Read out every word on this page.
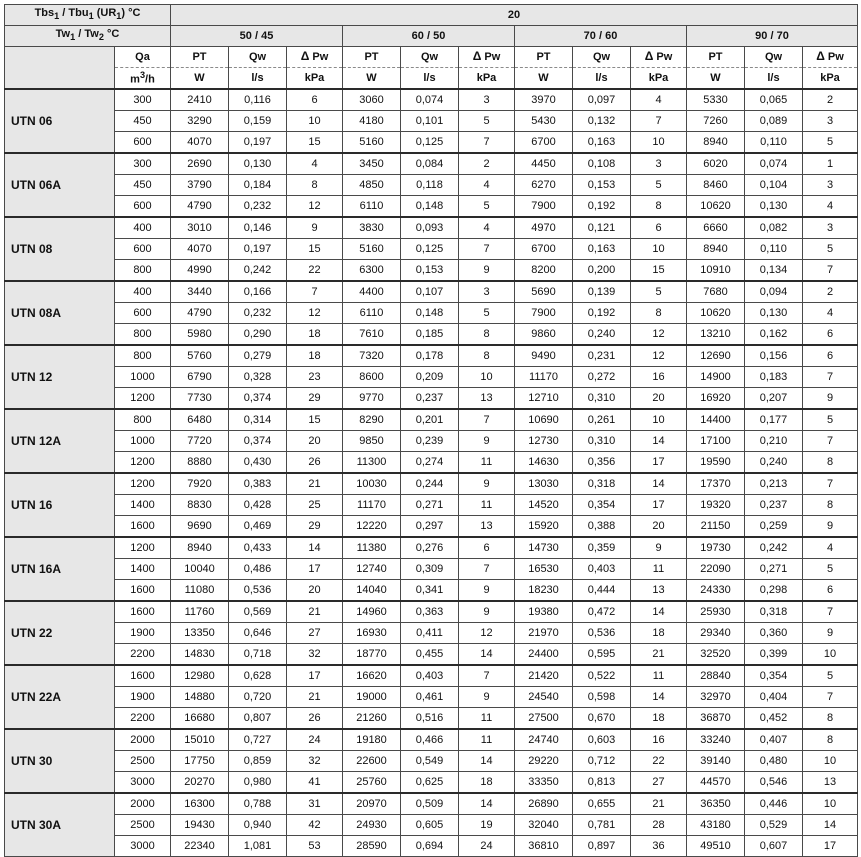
Tbs$_1$ / Tbu$_1$ $(UR_1)$ °C		20											
$Tw_1 / Tw_2$ °C		50 / 45			60 / 50			70 / 60			90 / 70		
	Qa	PT	Qw	Δ Pw	PT	Qw	Δ Pw	PT	Qw	Δ Pw	PT	Qw	Δ Pw
	$m^3/h$	W	l/s	kPa	W	l/s	kPa	W	l/s	kPa	W	l/s	kPa
UTN 06	300	2410	0,116	6	3060	0,074	3	3970	0,097	4	5330	0,065	2
	450	3290	0,159	10	4180	0,101	5	5430	0,132	7	7260	0,089	3
	600	4070	0,197	15	5160	0,125	7	6700	0,163	10	8940	0,110	5
UTN 06A	300	2690	0,130	4	3450	0,084	2	4450	0,108	3	6020	0,074	1
	450	3790	0,184	8	4850	0,118	4	6270	0,153	5	8460	0,104	3
	600	4790	0,232	12	6110	0,148	5	7900	0,192	8	10620	0,130	4
UTN 08	400	3010	0,146	9	3830	0,093	4	4970	0,121	6	6660	0,082	3
	600	4070	0,197	15	5160	0,125	7	6700	0,163	10	8940	0,110	5
	800	4990	0,242	22	6300	0,153	9	8200	0,200	15	10910	0,134	7
UTN 08A	400	3440	0,166	7	4400	0,107	3	5690	0,139	5	7680	0,094	2
	600	4790	0,232	12	6110	0,148	5	7900	0,192	8	10620	0,130	4
	800	5980	0,290	18	7610	0,185	8	9860	0,240	12	13210	0,162	6
UTN 12	800	5760	0,279	18	7320	0,178	8	9490	0,231	12	12690	0,156	6
	1000	6790	0,328	23	8600	0,209	10	11170	0,272	16	14900	0,183	7
	1200	7730	0,374	29	9770	0,237	13	12710	0,310	20	16920	0,207	9
UTN 12A	800	6480	0,314	15	8290	0,201	7	10690	0,261	10	14400	0,177	5
	1000	7720	0,374	20	9850	0,239	9	12730	0,310	14	17100	0,210	7
	1200	8880	0,430	26	11300	0,274	11	14630	0,356	17	19590	0,240	8
UTN 16	1200	7920	0,383	21	10030	0,244	9	13030	0,318	14	17370	0,213	7
	1400	8830	0,428	25	11170	0,271	11	14520	0,354	17	19320	0,237	8
	1600	9690	0,469	29	12220	0,297	13	15920	0,388	20	21150	0,259	9
UTN 16A	1200	8940	0,433	14	11380	0,276	6	14730	0,359	9	19730	0,242	4
	1400	10040	0,486	17	12740	0,309	7	16530	0,403	11	22090	0,271	5
	1600	11080	0,536	20	14040	0,341	9	18230	0,444	13	24330	0,298	6
UTN 22	1600	11760	0,569	21	14960	0,363	9	19380	0,472	14	25930	0,318	7
	1900	13350	0,646	27	16930	0,411	12	21970	0,536	18	29340	0,360	9
	2200	14830	0,718	32	18770	0,455	14	24400	0,595	21	32520	0,399	10
UTN 22A	1600	12980	0,628	17	16620	0,403	7	21420	0,522	11	28840	0,354	5
	1900	14880	0,720	21	19000	0,461	9	24540	0,598	14	32970	0,404	7
	2200	16680	0,807	26	21260	0,516	11	27500	0,670	18	36870	0,452	8
UTN 30	2000	15010	0,727	24	19180	0,466	11	24740	0,603	16	33240	0,407	8
	2500	17750	0,859	32	22600	0,549	14	29220	0,712	22	39140	0,480	10
	3000	20270	0,980	41	25760	0,625	18	33350	0,813	27	44570	0,546	13
UTN 30A	2000	16300	0,788	31	20970	0,509	14	26890	0,655	21	36350	0,446	10
	2500	19430	0,940	42	24930	0,605	19	32040	0,781	28	43180	0,529	14
	3000	22340	1,081	53	28590	0,694	24	36810	0,897	36	49510	0,607	17
